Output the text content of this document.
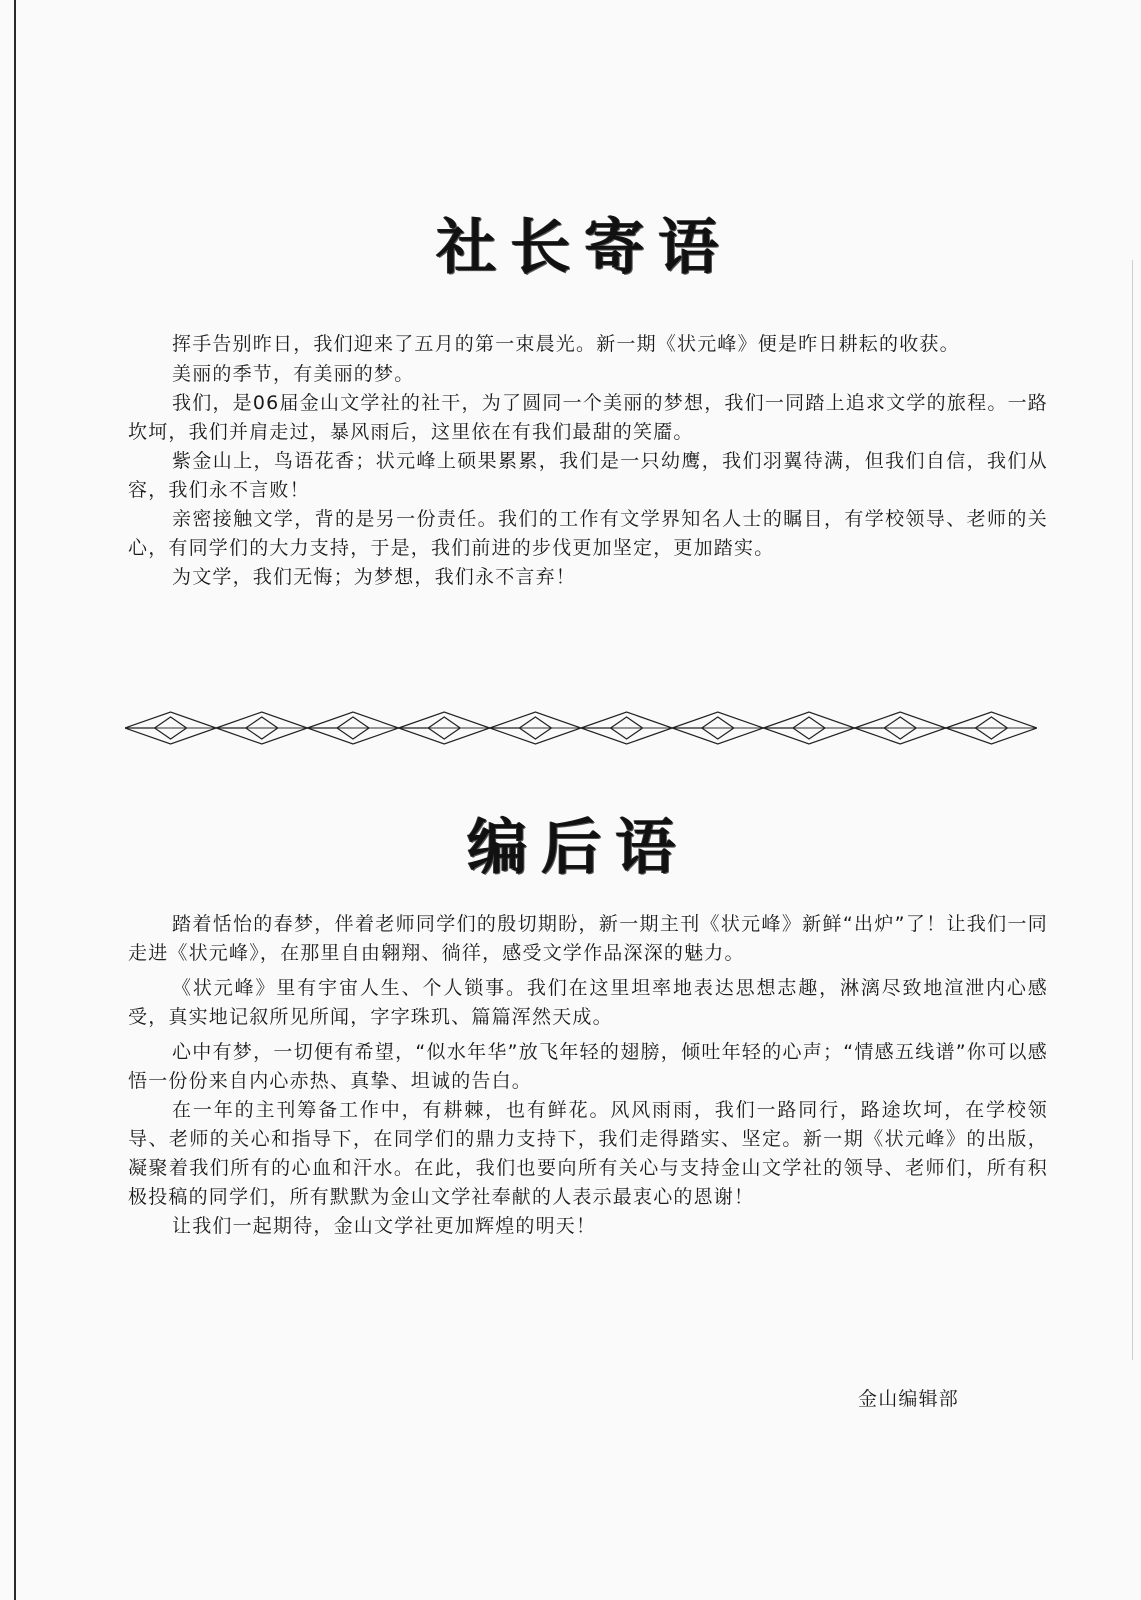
社长寄语

挥手告别昨日，我们迎来了五月的第一束晨光。新一期《状元峰》便是昨日耕耘的收获。

美丽的季节，有美丽的梦。

我们，是06届金山文学社的社干，为了圆同一个美丽的梦想，我们一同踏上追求文学的旅程。一路坎坷，我们并肩走过，暴风雨后，这里依在有我们最甜的笑靥。

紫金山上，鸟语花香；状元峰上硕果累累，我们是一只幼鹰，我们羽翼待满，但我们自信，我们从容，我们永不言败！

亲密接触文学，背的是另一份责任。我们的工作有文学界知名人士的瞩目，有学校领导、老师的关心，有同学们的大力支持，于是，我们前进的步伐更加坚定，更加踏实。

为文学，我们无悔；为梦想，我们永不言弃！

编后语

踏着恬怡的春梦，伴着老师同学们的殷切期盼，新一期主刊《状元峰》新鲜“出炉”了！让我们一同走进《状元峰》，在那里自由翱翔、徜徉，感受文学作品深深的魅力。

《状元峰》里有宇宙人生、个人锁事。我们在这里坦率地表达思想志趣，淋漓尽致地渲泄内心感受，真实地记叙所见所闻，字字珠玑、篇篇浑然天成。

心中有梦，一切便有希望，“似水年华”放飞年轻的翅膀，倾吐年轻的心声；“情感五线谱”你可以感悟一份份来自内心赤热、真挚、坦诚的告白。

在一年的主刊筹备工作中，有耕棘，也有鲜花。风风雨雨，我们一路同行，路途坎坷，在学校领导、老师的关心和指导下，在同学们的鼎力支持下，我们走得踏实、坚定。新一期《状元峰》的出版，凝聚着我们所有的心血和汗水。在此，我们也要向所有关心与支持金山文学社的领导、老师们，所有积极投稿的同学们，所有默默为金山文学社奉献的人表示最衷心的恩谢！

让我们一起期待，金山文学社更加辉煌的明天！

金山编辑部
